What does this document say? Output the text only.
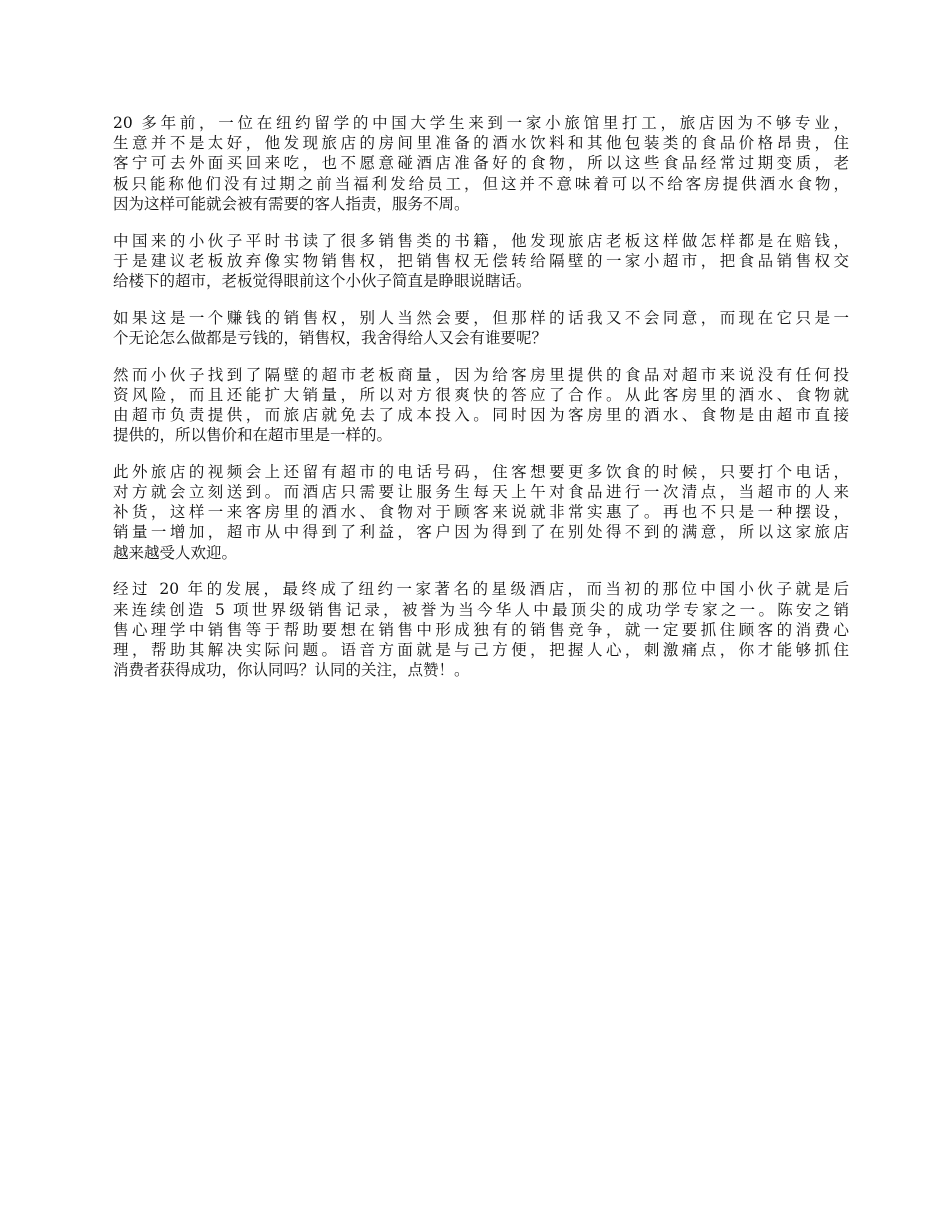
20 多年前，一位在纽约留学的中国大学生来到一家小旅馆里打工，旅店因为不够专业，
生意并不是太好，他发现旅店的房间里准备的酒水饮料和其他包装类的食品价格昂贵，住
客宁可去外面买回来吃，也不愿意碰酒店准备好的食物，所以这些食品经常过期变质，老
板只能称他们没有过期之前当福利发给员工，但这并不意味着可以不给客房提供酒水食物，
因为这样可能就会被有需要的客人指责，服务不周。

中国来的小伙子平时书读了很多销售类的书籍，他发现旅店老板这样做怎样都是在赔钱，
于是建议老板放弃像实物销售权，把销售权无偿转给隔壁的一家小超市，把食品销售权交
给楼下的超市，老板觉得眼前这个小伙子简直是睁眼说瞎话。

如果这是一个赚钱的销售权，别人当然会要，但那样的话我又不会同意，而现在它只是一
个无论怎么做都是亏钱的，销售权，我舍得给人又会有谁要呢？

然而小伙子找到了隔壁的超市老板商量，因为给客房里提供的食品对超市来说没有任何投
资风险，而且还能扩大销量，所以对方很爽快的答应了合作。从此客房里的酒水、食物就
由超市负责提供，而旅店就免去了成本投入。同时因为客房里的酒水、食物是由超市直接
提供的，所以售价和在超市里是一样的。

此外旅店的视频会上还留有超市的电话号码，住客想要更多饮食的时候，只要打个电话，
对方就会立刻送到。而酒店只需要让服务生每天上午对食品进行一次清点，当超市的人来
补货，这样一来客房里的酒水、食物对于顾客来说就非常实惠了。再也不只是一种摆设，
销量一增加，超市从中得到了利益，客户因为得到了在别处得不到的满意，所以这家旅店
越来越受人欢迎。

经过 20 年的发展，最终成了纽约一家著名的星级酒店，而当初的那位中国小伙子就是后
来连续创造 5 项世界级销售记录，被誉为当今华人中最顶尖的成功学专家之一。陈安之销
售心理学中销售等于帮助要想在销售中形成独有的销售竞争，就一定要抓住顾客的消费心
理，帮助其解决实际问题。语音方面就是与己方便，把握人心，刺激痛点，你才能够抓住
消费者获得成功，你认同吗？认同的关注，点赞！。
